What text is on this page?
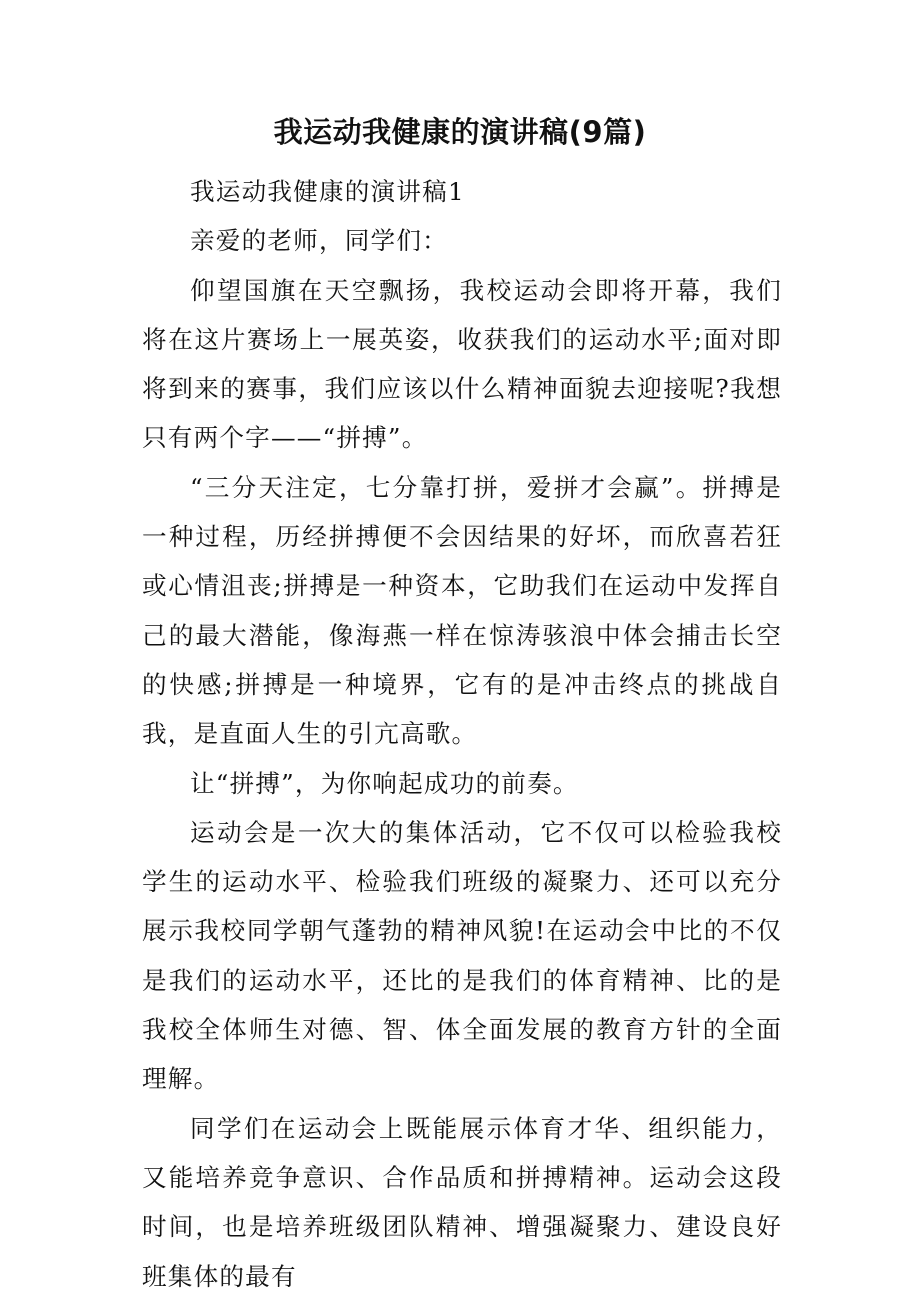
我运动我健康的演讲稿(9篇)

我运动我健康的演讲稿1

亲爱的老师，同学们：

仰望国旗在天空飘扬，我校运动会即将开幕，我们将在这片赛场上一展英姿，收获我们的运动水平;面对即将到来的赛事，我们应该以什么精神面貌去迎接呢?我想只有两个字——“拼搏”。

“三分天注定，七分靠打拼，爱拼才会赢”。拼搏是一种过程，历经拼搏便不会因结果的好坏，而欣喜若狂或心情沮丧;拼搏是一种资本，它助我们在运动中发挥自己的最大潜能，像海燕一样在惊涛骇浪中体会捕击长空的快感;拼搏是一种境界，它有的是冲击终点的挑战自我，是直面人生的引亢高歌。

让“拼搏”，为你响起成功的前奏。

运动会是一次大的集体活动，它不仅可以检验我校学生的运动水平、检验我们班级的凝聚力、还可以充分展示我校同学朝气蓬勃的精神风貌!在运动会中比的不仅是我们的运动水平，还比的是我们的体育精神、比的是我校全体师生对德、智、体全面发展的教育方针的全面理解。

同学们在运动会上既能展示体育才华、组织能力，又能培养竞争意识、合作品质和拼搏精神。运动会这段时间，也是培养班级团队精神、增强凝聚力、建设良好班集体的最有
